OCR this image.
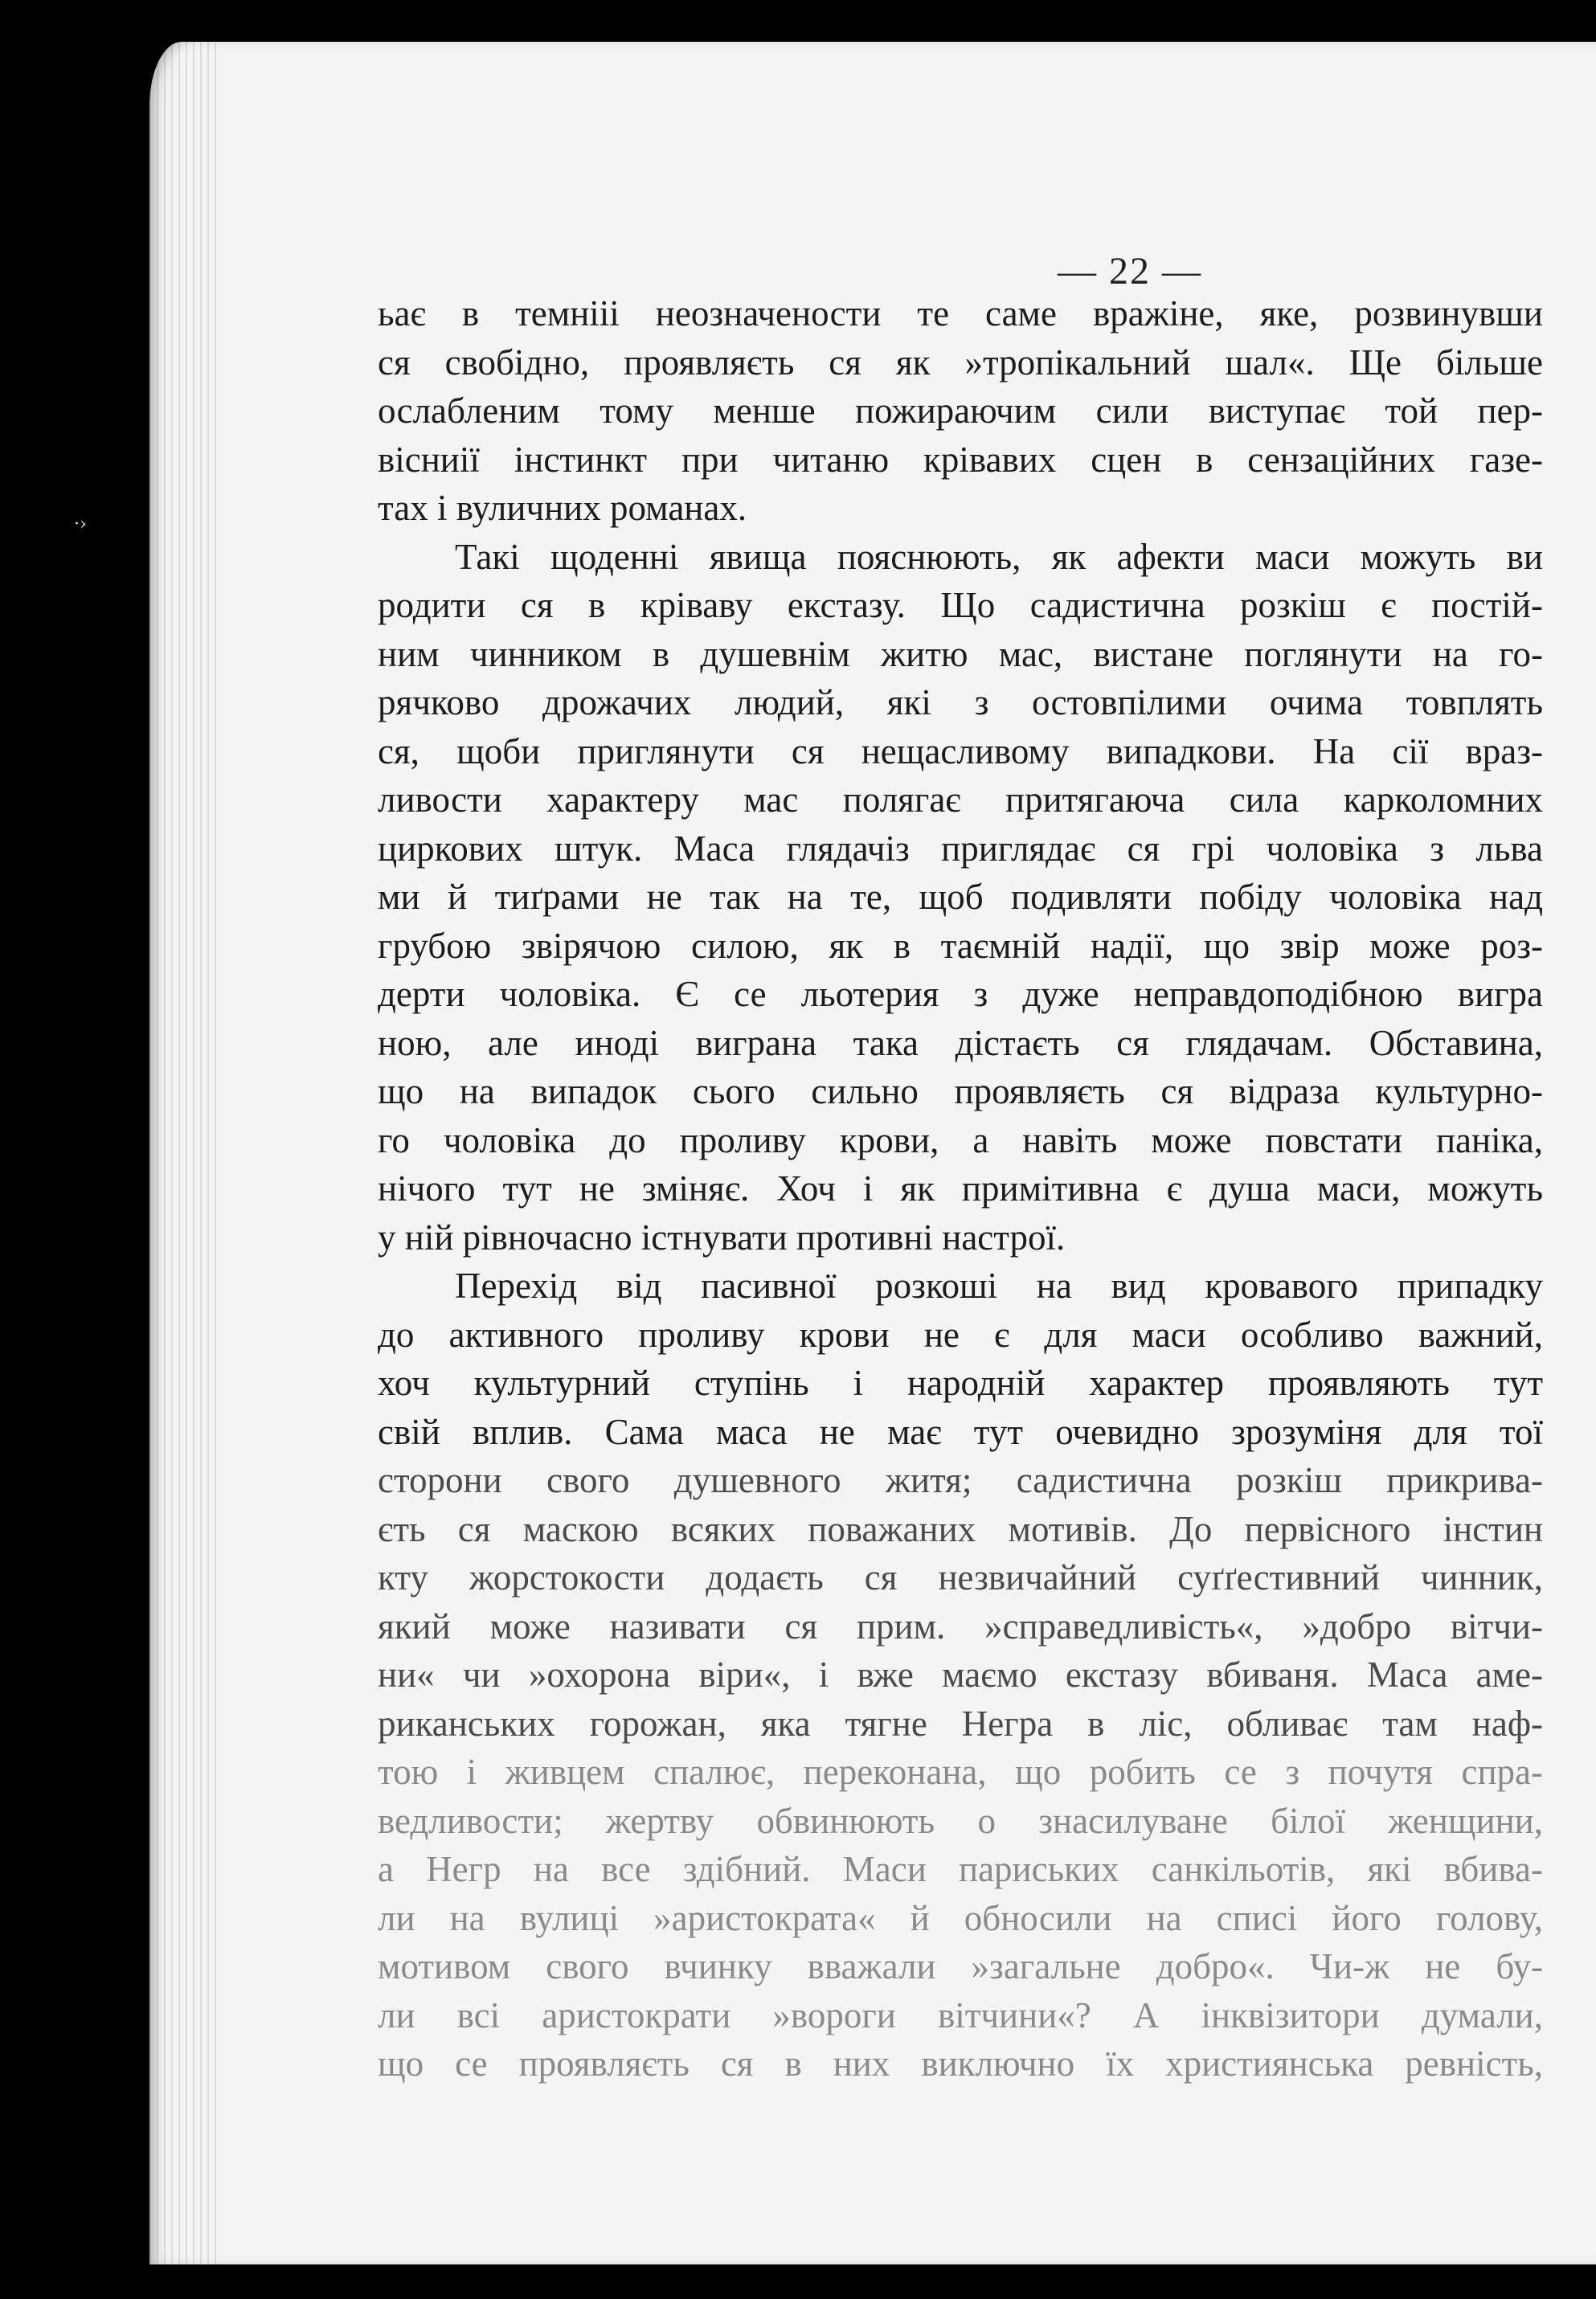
— 22 —
ьає в темнііі неозначености те саме вражіне, яке, розвинувши
ся свобідно, проявляєть ся як »тропікальний шал«. Ще більше
ослабленим тому менше пожираючим сили виступає той пер-
вісниії інстинкт при читаню крівавих сцен в сензаційних газе-
тах і вуличних романах.
Такі щоденні явища пояснюють, як афекти маси можуть ви
родити ся в кріваву екстазу. Що садистична розкіш є постій-
ним чинником в душевнім житю мас, вистане поглянути на го-
рячково дрожачих людий, які з остовпілими очима товплять
ся, щоби приглянути ся нещасливому випадкови. На сії враз-
ливости характеру мас полягає притягаюча сила карколомних
цирковиx штук. Маса глядачіз приглядає ся грі чоловіка з льва
ми й тиґрами не так на те, щоб подивляти побіду чоловіка над
грубою звірячою силою, як в таємній надії, що звір може роз-
дерти чоловіка. Є се льотерия з дуже неправдоподібною вигра
ною, але иноді виграна така дістаєть ся глядачам. Обставина,
що на випадок сього сильно проявляєть ся відраза культурно-
го чоловіка до проливу крови, а навіть може повстати паніка,
нічого тут не зміняє. Хоч і як примітивна є душа маси, можуть
у ній рівночасно істнувати противні настрої.
Перехід від пасивної розкоші на вид кровавого припадку
до активного проливу крови не є для маси особливо важний,
хоч культурний ступінь і народній характер проявляють тут
свій вплив. Сама маса не має тут очевидно зрозуміня для тої
сторони свого душевного житя; садистична розкіш прикрива-
єть ся маскою всяких поважаних мотивів. До первісного інстин
кту жорстокости додаєть ся незвичайний суґґестивний чинник,
який може називати ся прим. »справедливість«, »добро вітчи-
ни« чи »охорона віри«, і вже маємо екстазу вбиваня. Маса аме-
риканських горожан, яка тягне Негра в ліс, обливає там наф-
тою і живцем спалює, переконана, що робить се з почутя спра-
ведливости; жертву обвинюють о знасилуване білої женщини,
а Негр на все здібний. Маси париських санкільотів, які вбива-
ли на вулиці »аристократа« й обносили на списі його голову,
мотивом свого вчинку вважали »загальне добро«. Чи-ж не бу-
ли всі аристократи »вороги вітчини«? А інквізитори думали,
що се проявляєть ся в них виключно їх християнська ревність,
·›
